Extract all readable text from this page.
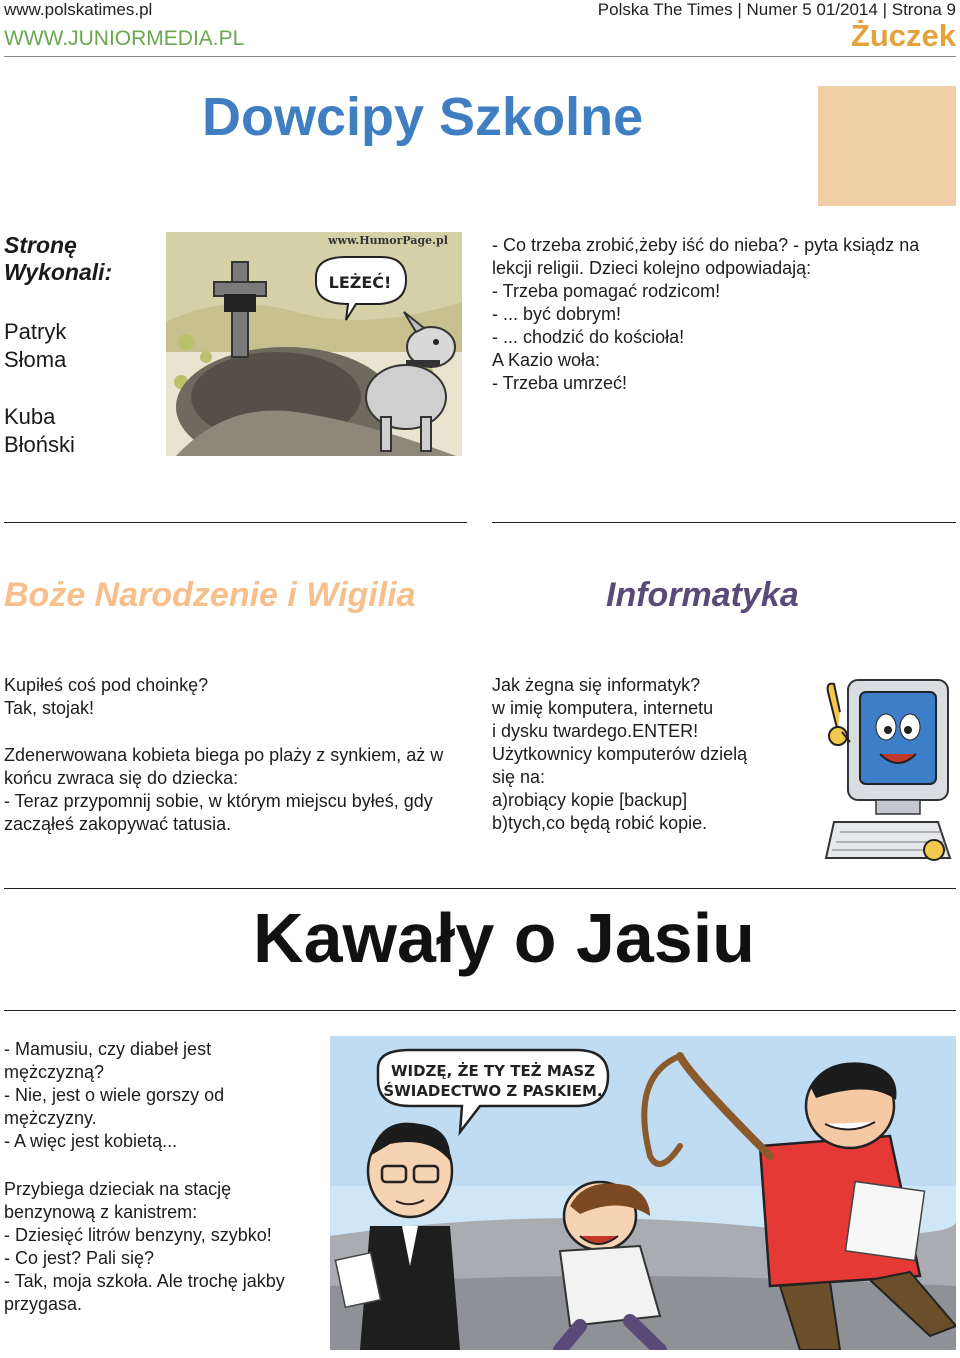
www.polskatimes.pl	Polska The Times | Numer 5 01/2014 | Strona 9
WWW.JUNIORMEDIA.PL	Żuczek
Dowcipy Szkolne
Stronę
Wykonali:
Patryk
Słoma
Kuba
Błoński
LEŻEĆ!
www.HumorPage.pl - Co trzeba zrobić,żeby iść do nieba? - pyta ksiądz na lekcji religii. Dzieci kolejno odpowiadają:
- Trzeba pomagać rodzicom!
- ... być dobrym!
- ... chodzić do kościoła!
A Kazio woła:
- Trzeba umrzeć!

Boże Narodzenie i Wigilia	Informatyka

Kupiłeś coś pod choinkę?
Tak, stojak!

Zdenerwowana kobieta biega po plaży z synkiem, aż w końcu zwraca się do dziecka:
- Teraz przypomnij sobie, w którym miejscu byłeś, gdy zacząłeś zakopywać tatusia.

Jak żegna się informatyk?
w imię komputera, internetu
i dysku twardego.ENTER!
Użytkownicy komputerów dzielą
się na:
a)robiący kopie [backup]
b)tych,co będą robić kopie.

Kawały o Jasiu

- Mamusiu, czy diabeł jest mężczyzną?
- Nie, jest o wiele gorszy od mężczyzny.
- A więc jest kobietą...

Przybiega dzieciak na stację benzynową z kanistrem:
- Dziesięć litrów benzyny, szybko!
- Co jest? Pali się?
- Tak, moja szkoła. Ale trochę jakby przygasa.

WIDZĘ, ŻE TY TEŻ MASZ
ŚWIADECTWO Z PASKIEM.
